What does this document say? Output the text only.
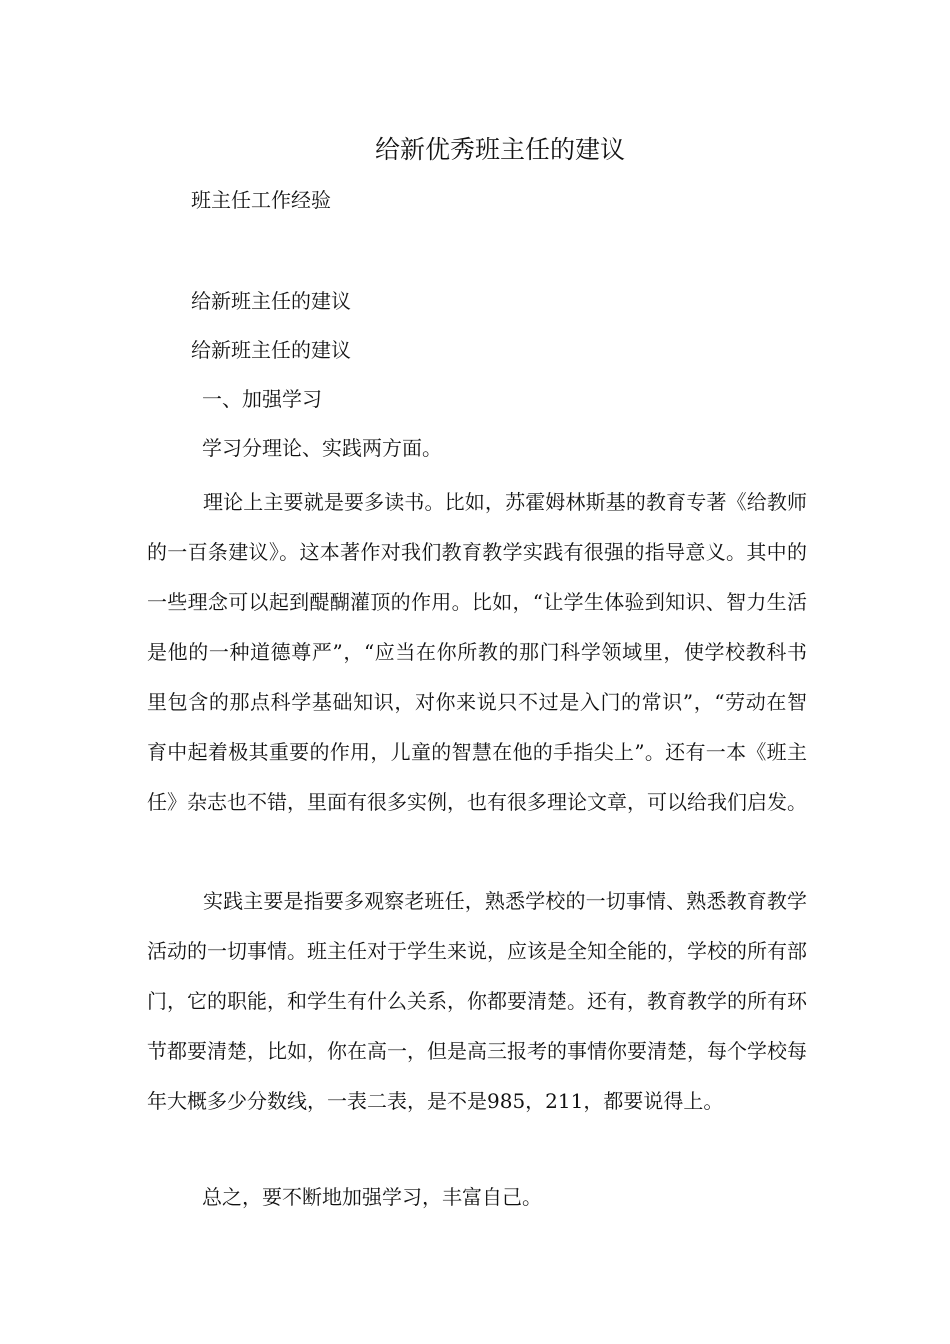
给新优秀班主任的建议
班主任工作经验
给新班主任的建议
给新班主任的建议
一、加强学习
学习分理论、实践两方面。

理论上主要就是要多读书。比如，苏霍姆林斯基的教育专著《给教师的一百条建议》。这本著作对我们教育教学实践有很强的指导意义。其中的一些理念可以起到醍醐灌顶的作用。比如，“让学生体验到知识、智力生活是他的一种道德尊严”，“应当在你所教的那门科学领域里，使学校教科书里包含的那点科学基础知识，对你来说只不过是入门的常识”，“劳动在智育中起着极其重要的作用，儿童的智慧在他的手指尖上”。还有一本《班主任》杂志也不错，里面有很多实例，也有很多理论文章，可以给我们启发。

实践主要是指要多观察老班任，熟悉学校的一切事情、熟悉教育教学活动的一切事情。班主任对于学生来说，应该是全知全能的，学校的所有部门，它的职能，和学生有什么关系，你都要清楚。还有，教育教学的所有环节都要清楚，比如，你在高一，但是高三报考的事情你要清楚，每个学校每年大概多少分数线，一表二表，是不是985，211，都要说得上。

总之，要不断地加强学习，丰富自己。
